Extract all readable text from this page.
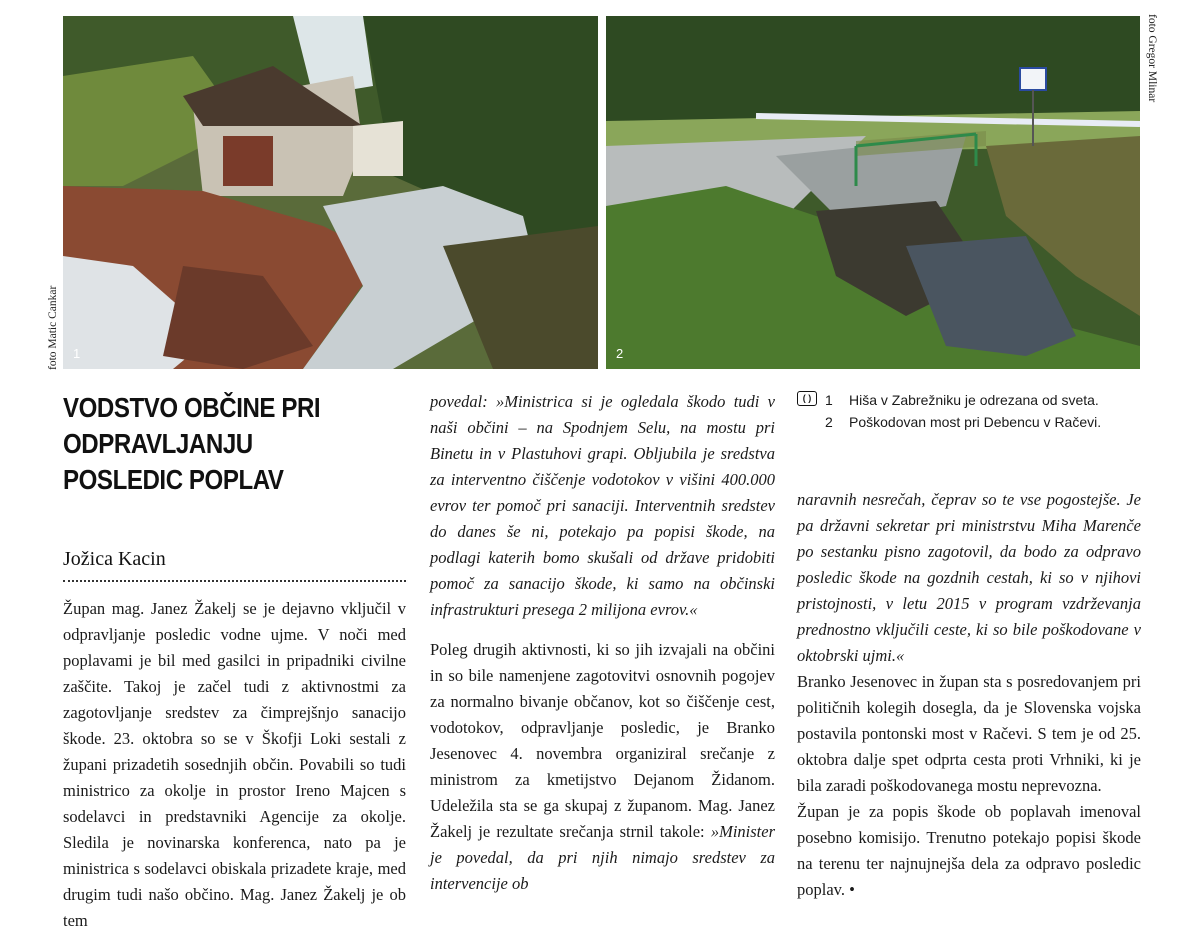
1	2
foto Matic Cankar
foto Gregor Mlinar
VODSTVO OBČINE PRI ODPRAVLJANJU POSLEDIC POPLAV
Jožica Kacin

Župan mag. Janez Žakelj se je dejavno vključil v odpravljanje posledic vodne ujme. V noči med poplavami je bil med gasilci in pripadniki civilne zaščite. Takoj je začel tudi z aktivnostmi za zagotovljanje sredstev za čimprejšnjo sanacijo škode. 23. oktobra so se v Škofji Loki sestali z župani prizadetih sosednjih občin. Povabili so tudi ministrico za okolje in prostor Ireno Majcen s sodelavci in predstavniki Agencije za okolje. Sledila je novinarska konferenca, nato pa je ministrica s sodelavci obiskala prizadete kraje, med drugim tudi našo občino. Mag. Janez Žakelj je ob tem

povedal: »Ministrica si je ogledala škodo tudi v naši občini – na Spodnjem Selu, na mostu pri Binetu in v Plastuhovi grapi. Obljubila je sredstva za interventno čiščenje vodotokov v višini 400.000 evrov ter pomoč pri sanaciji. Interventnih sredstev do danes še ni, potekajo pa popisi škode, na podlagi katerih bomo skušali od države pridobiti pomoč za sanacijo škode, ki samo na občinski infrastrukturi presega 2 milijona evrov.«

Poleg drugih aktivnosti, ki so jih izvajali na občini in so bile namenjene zagotovitvi osnovnih pogojev za normalno bivanje občanov, kot so čiščenje cest, vodotokov, odpravljanje posledic, je Branko Jesenovec 4. novembra organiziral srečanje z ministrom za kmetijstvo Dejanom Židanom. Udeležila sta se ga skupaj z županom. Mag. Janez Žakelj je rezultate srečanja strnil takole: »Minister je povedal, da pri njih nimajo sredstev za intervencije ob

( ) 1 Hiša v Zabrežniku je odrezana od sveta.
2 Poškodovan most pri Debencu v Račevi.

naravnih nesrečah, čeprav so te vse pogostejše. Je pa državni sekretar pri ministrstvu Miha Marenče po sestanku pisno zagotovil, da bodo za odpravo posledic škode na gozdnih cestah, ki so v njihovi pristojnosti, v letu 2015 v program vzdrževanja prednostno vključili ceste, ki so bile poškodovane v oktobrski ujmi.«

Branko Jesenovec in župan sta s posredovanjem pri političnih kolegih dosegla, da je Slovenska vojska postavila pontonski most v Račevi. S tem je od 25. oktobra dalje spet odprta cesta proti Vrhniki, ki je bila zaradi poškodovanega mostu neprevozna.

Župan je za popis škode ob poplavah imenoval posebno komisijo. Trenutno potekajo popisi škode na terenu ter najnujnejša dela za odpravo posledic poplav. •
